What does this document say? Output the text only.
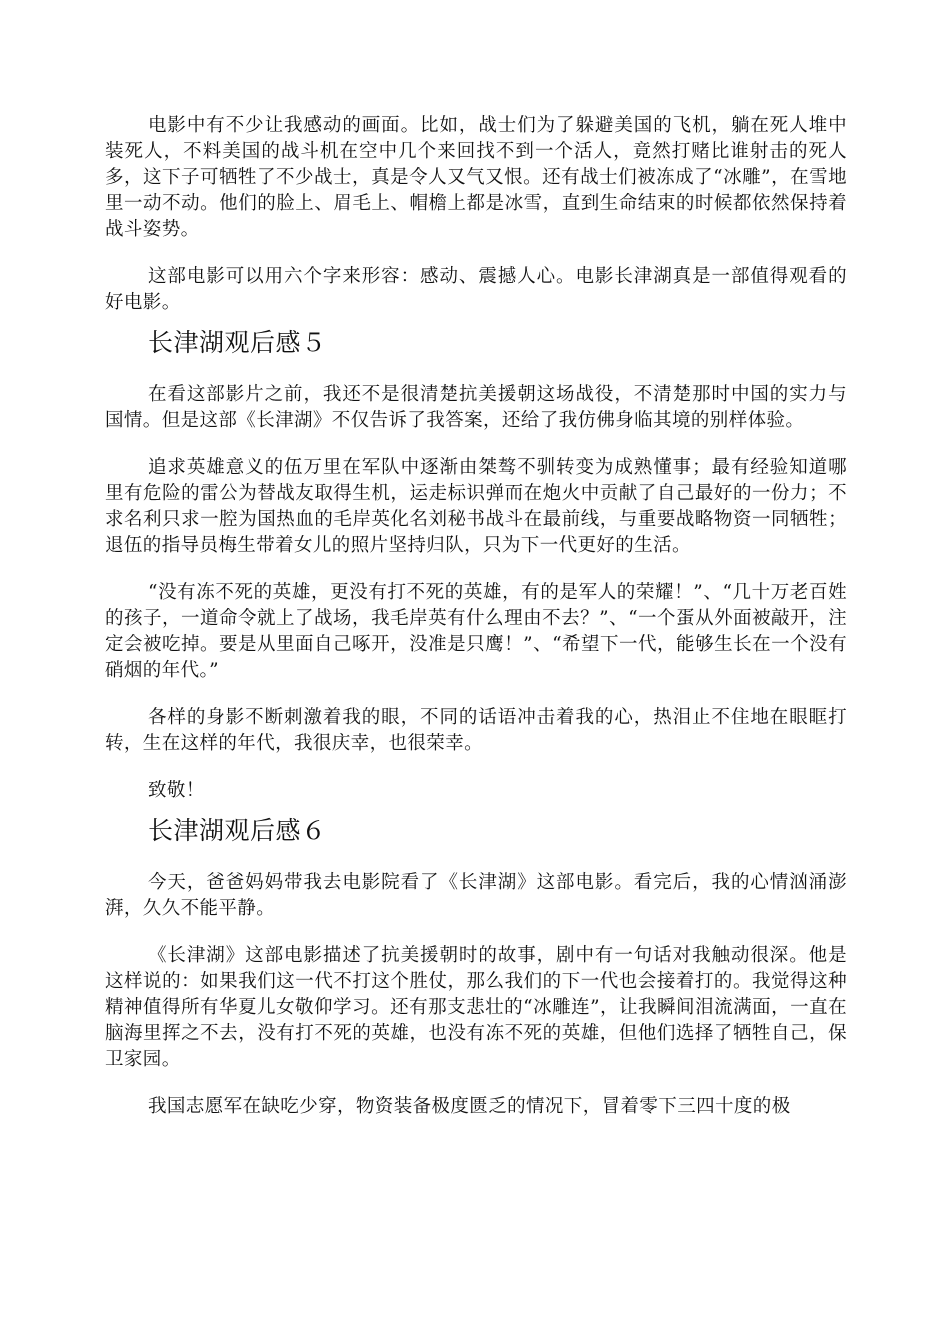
电影中有不少让我感动的画面。比如，战士们为了躲避美国的飞机，躺在死人堆中装死人，不料美国的战斗机在空中几个来回找不到一个活人，竟然打赌比谁射击的死人多，这下子可牺牲了不少战士，真是令人又气又恨。还有战士们被冻成了“冰雕”，在雪地里一动不动。他们的脸上、眉毛上、帽檐上都是冰雪，直到生命结束的时候都依然保持着战斗姿势。

这部电影可以用六个字来形容：感动、震撼人心。电影长津湖真是一部值得观看的好电影。

长津湖观后感５

在看这部影片之前，我还不是很清楚抗美援朝这场战役，不清楚那时中国的实力与国情。但是这部《长津湖》不仅告诉了我答案，还给了我仿佛身临其境的别样体验。

追求英雄意义的伍万里在军队中逐渐由桀骜不驯转变为成熟懂事；最有经验知道哪里有危险的雷公为替战友取得生机，运走标识弹而在炮火中贡献了自己最好的一份力；不求名利只求一腔为国热血的毛岸英化名刘秘书战斗在最前线，与重要战略物资一同牺牲；退伍的指导员梅生带着女儿的照片坚持归队，只为下一代更好的生活。

“没有冻不死的英雄，更没有打不死的英雄，有的是军人的荣耀！”、“几十万老百姓的孩子，一道命令就上了战场，我毛岸英有什么理由不去？”、“一个蛋从外面被敲开，注定会被吃掉。要是从里面自己啄开，没准是只鹰！”、“希望下一代，能够生长在一个没有硝烟的年代。”

各样的身影不断刺激着我的眼，不同的话语冲击着我的心，热泪止不住地在眼眶打转，生在这样的年代，我很庆幸，也很荣幸。

致敬！

长津湖观后感６

今天，爸爸妈妈带我去电影院看了《长津湖》这部电影。看完后，我的心情汹涌澎湃，久久不能平静。

《长津湖》这部电影描述了抗美援朝时的故事，剧中有一句话对我触动很深。他是这样说的：如果我们这一代不打这个胜仗，那么我们的下一代也会接着打的。我觉得这种精神值得所有华夏儿女敬仰学习。还有那支悲壮的“冰雕连”，让我瞬间泪流满面，一直在脑海里挥之不去，没有打不死的英雄，也没有冻不死的英雄，但他们选择了牺牲自己，保卫家园。

我国志愿军在缺吃少穿，物资装备极度匮乏的情况下，冒着零下三四十度的极
